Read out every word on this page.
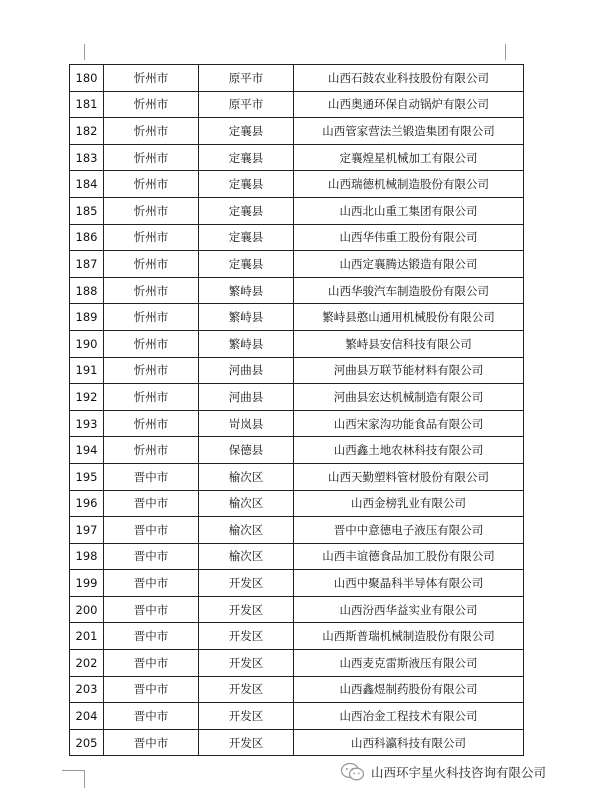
180	忻州市	原平市	山西石鼓农业科技股份有限公司
181	忻州市	原平市	山西奥通环保自动锅炉有限公司
182	忻州市	定襄县	山西管家营法兰锻造集团有限公司
183	忻州市	定襄县	定襄煌星机械加工有限公司
184	忻州市	定襄县	山西瑞德机械制造股份有限公司
185	忻州市	定襄县	山西北山重工集团有限公司
186	忻州市	定襄县	山西华伟重工股份有限公司
187	忻州市	定襄县	山西定襄腾达锻造有限公司
188	忻州市	繁峙县	山西华骏汽车制造股份有限公司
189	忻州市	繁峙县	繁峙县憨山通用机械股份有限公司
190	忻州市	繁峙县	繁峙县安信科技有限公司
191	忻州市	河曲县	河曲县万联节能材料有限公司
192	忻州市	河曲县	河曲县宏达机械制造有限公司
193	忻州市	岢岚县	山西宋家沟功能食品有限公司
194	忻州市	保德县	山西鑫土地农林科技有限公司
195	晋中市	榆次区	山西天勤塑料管材股份有限公司
196	晋中市	榆次区	山西金榜乳业有限公司
197	晋中市	榆次区	晋中中意德电子液压有限公司
198	晋中市	榆次区	山西丰谊德食品加工股份有限公司
199	晋中市	开发区	山西中聚晶科半导体有限公司
200	晋中市	开发区	山西汾西华益实业有限公司
201	晋中市	开发区	山西斯普瑞机械制造股份有限公司
202	晋中市	开发区	山西麦克雷斯液压有限公司
203	晋中市	开发区	山西鑫煜制药股份有限公司
204	晋中市	开发区	山西冶金工程技术有限公司
205	晋中市	开发区	山西科瀛科技有限公司
山西环宇星火科技咨询有限公司
